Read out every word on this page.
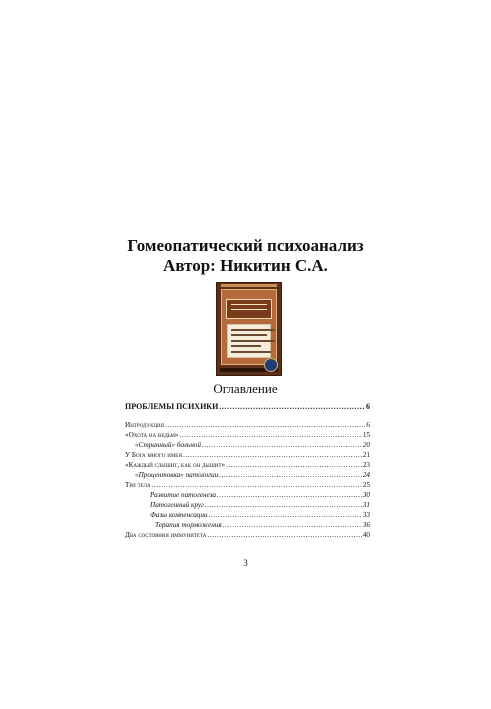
Гомеопатический психоанализ
Автор: Никитин С.А.
Оглавление
ПРОБЛЕМЫ ПСИХИКИ .....	6
Интродукция .....	6
«Охота на ведьм» .....	15
«Странный» больной .....	20
У Бога много имен .....	21
«Каждый слышит, как он дышит» .....	23
«Процентовка» патологии .....	24
Три тела .....	25
Развитие патогенеза .....	30
Патогенный круг .....	31
Фазы компенсации .....	33
Терапия торможения .....	36
Два состояния иммунитета .....	40
3
